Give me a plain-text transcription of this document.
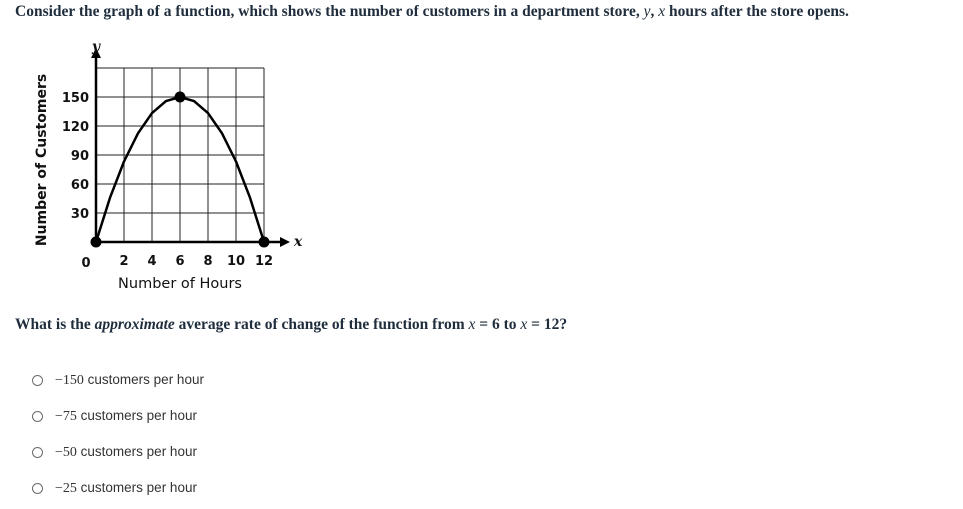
Consider the graph of a function, which shows the number of customers in a department store, y, x hours after the store opens.
2 4 6 8 10 12
30
60
90
120
150
0
x
y
Number of Hours
Number of Customers
What is the approximate average rate of change of the function from x = 6 to x = 12?
−150 customers per hour
−75 customers per hour
−50 customers per hour
−25 customers per hour
